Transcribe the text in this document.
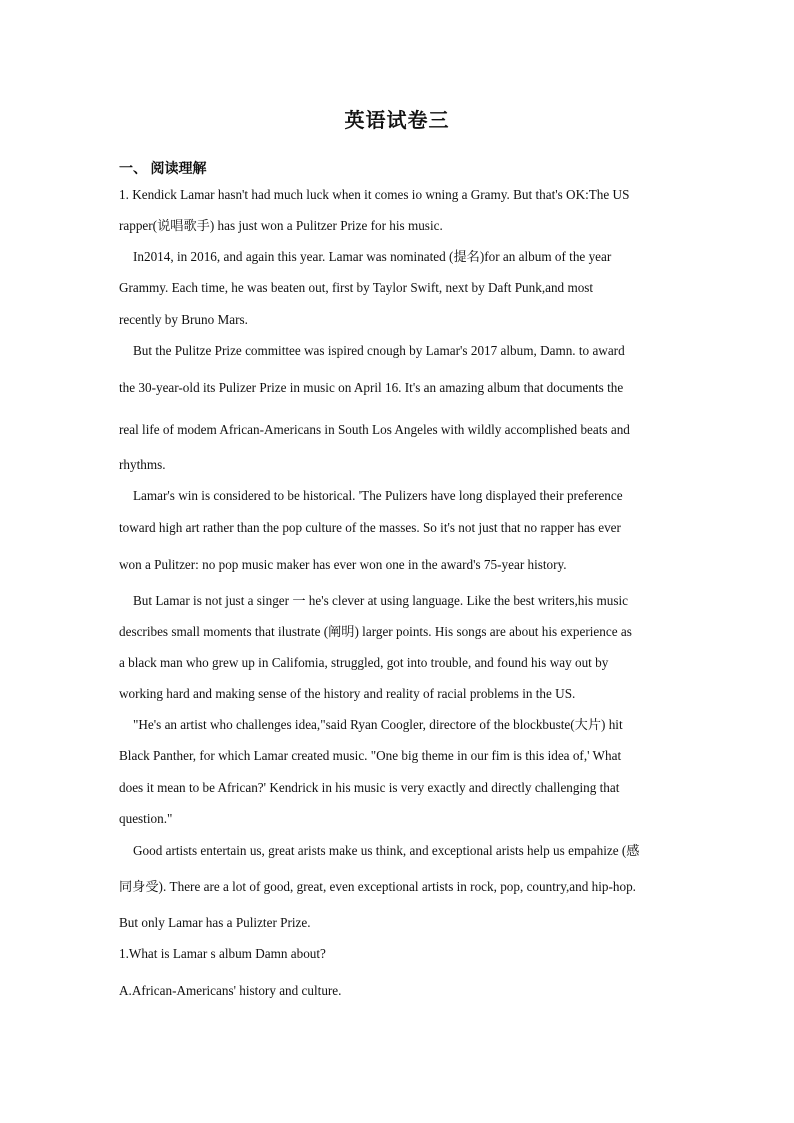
英语试卷三
一、 阅读理解
1. Kendick Lamar hasn't had much luck when it comes io wning a Gramy. But that's OK:The US
rapper(说唱歌手) has just won a Pulitzer Prize for his music.
In2014, in 2016, and again this year. Lamar was nominated (提名)for an album of the year
Grammy. Each time, he was beaten out, first by Taylor Swift, next by Daft Punk,and most
recently by Bruno Mars.
But the Pulitze Prize committee was ispired cnough by Lamar's 2017 album, Damn. to award
the 30-year-old its Pulizer Prize in music on April 16. It's an amazing album that documents the
real life of modem African-Americans in South Los Angeles with wildly accomplished beats and
rhythms.
Lamar's win is considered to be historical. 'The Pulizers have long displayed their preference
toward high art rather than the pop culture of the masses. So it's not just that no rapper has ever
won a Pulitzer: no pop music maker has ever won one in the award's 75-year history.
But Lamar is not just a singer 一 he's clever at using language. Like the best writers,his music
describes small moments that ilustrate (阐明) larger points. His songs are about his experience as
a black man who grew up in Califomia, struggled, got into trouble, and found his way out by
working hard and making sense of the history and reality of racial problems in the US.
"He's an artist who challenges idea,"said Ryan Coogler, directore of the blockbuste(大片) hit
Black Panther, for which Lamar created music. "One big theme in our fim is this idea of,' What
does it mean to be African?' Kendrick in his music is very exactly and directly challenging that
question."
Good artists entertain us, great arists make us think, and exceptional arists help us empahize (感
同身受). There are a lot of good, great, even exceptional artists in rock, pop, country,and hip-hop.
But only Lamar has a Pulizter Prize.
1.What is Lamar s album Damn about?
A.African-Americans' history and culture.
